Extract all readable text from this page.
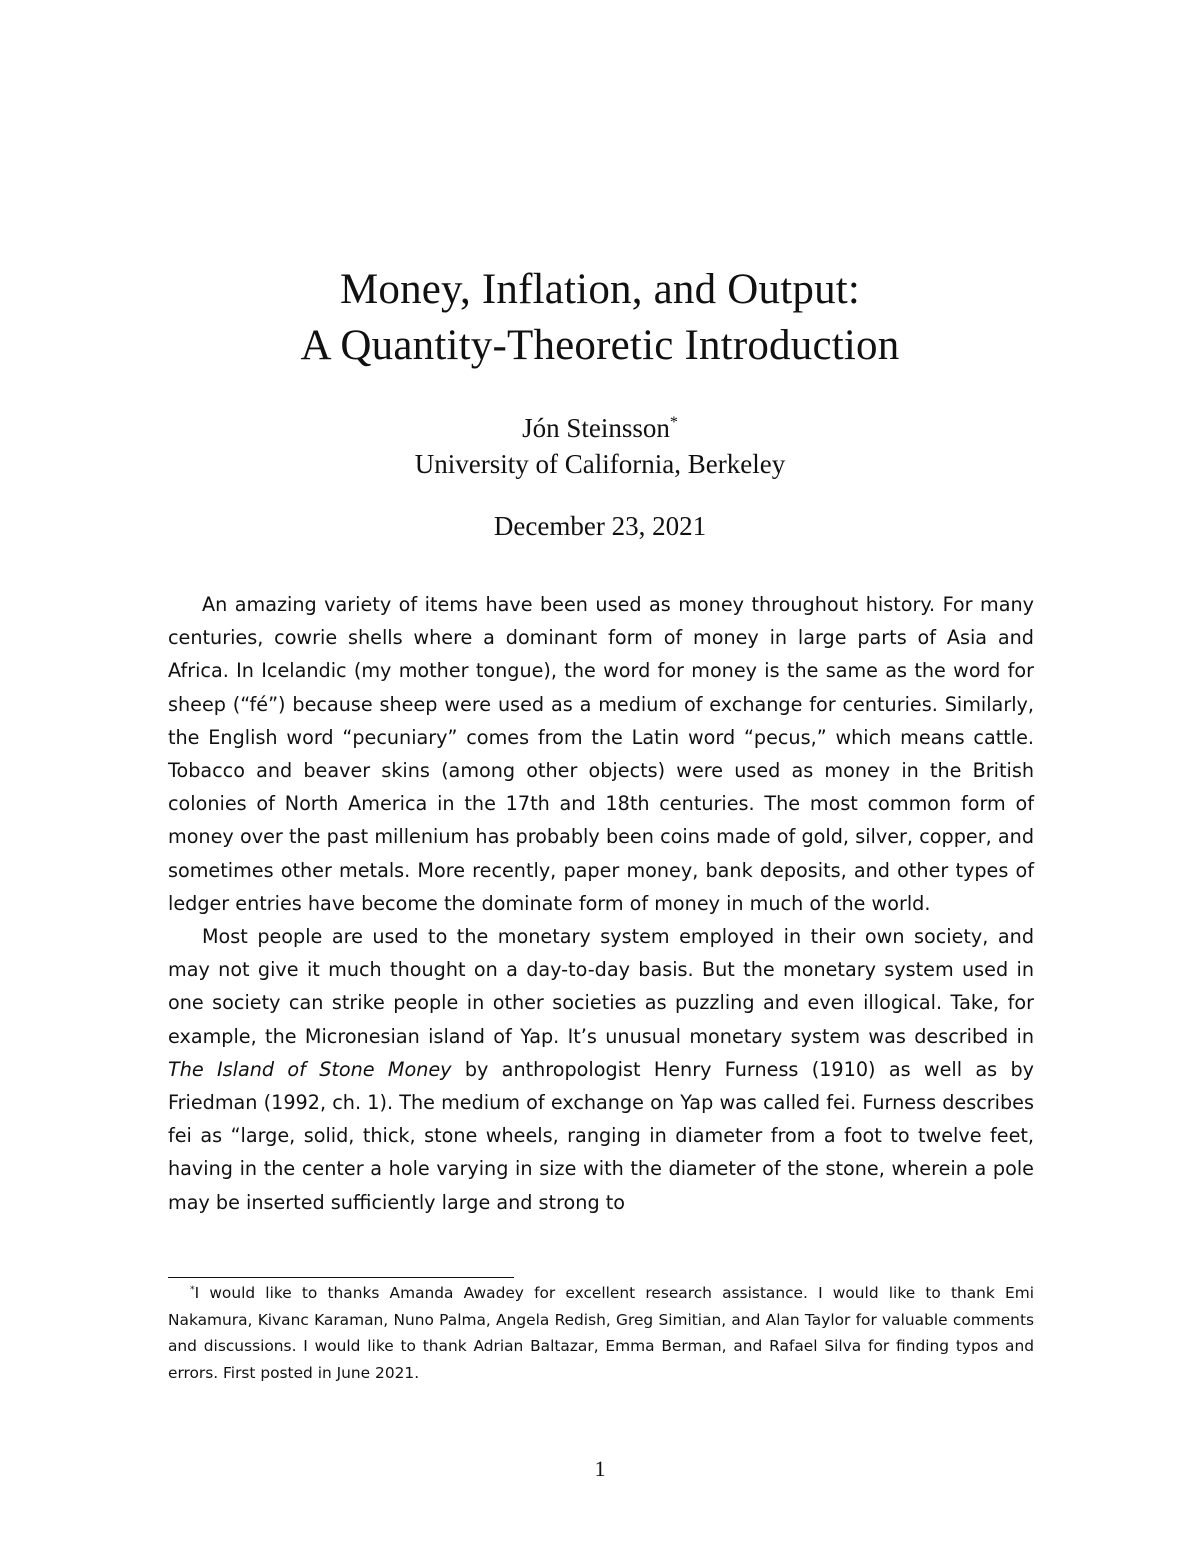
Money, Inflation, and Output:
A Quantity-Theoretic Introduction
Jón Steinsson*
University of California, Berkeley
December 23, 2021

An amazing variety of items have been used as money throughout history. For many centuries, cowrie shells where a dominant form of money in large parts of Asia and Africa. In Icelandic (my mother tongue), the word for money is the same as the word for sheep (“fé”) because sheep were used as a medium of exchange for centuries. Similarly, the English word “pecuniary” comes from the Latin word “pecus,” which means cattle. Tobacco and beaver skins (among other objects) were used as money in the British colonies of North America in the 17th and 18th centuries. The most common form of money over the past millenium has probably been coins made of gold, silver, copper, and sometimes other metals. More recently, paper money, bank deposits, and other types of ledger entries have become the dominate form of money in much of the world.

Most people are used to the monetary system employed in their own society, and may not give it much thought on a day-to-day basis. But the monetary system used in one society can strike people in other societies as puzzling and even illogical. Take, for example, the Micronesian island of Yap. It’s unusual monetary system was described in The Island of Stone Money by anthropologist Henry Furness (1910) as well as by Friedman (1992, ch. 1). The medium of exchange on Yap was called fei. Furness describes fei as “large, solid, thick, stone wheels, ranging in diameter from a foot to twelve feet, having in the center a hole varying in size with the diameter of the stone, wherein a pole may be inserted sufficiently large and strong to

*I would like to thanks Amanda Awadey for excellent research assistance. I would like to thank Emi Nakamura, Kivanc Karaman, Nuno Palma, Angela Redish, Greg Simitian, and Alan Taylor for valuable comments and discussions. I would like to thank Adrian Baltazar, Emma Berman, and Rafael Silva for finding typos and errors. First posted in June 2021.
1
